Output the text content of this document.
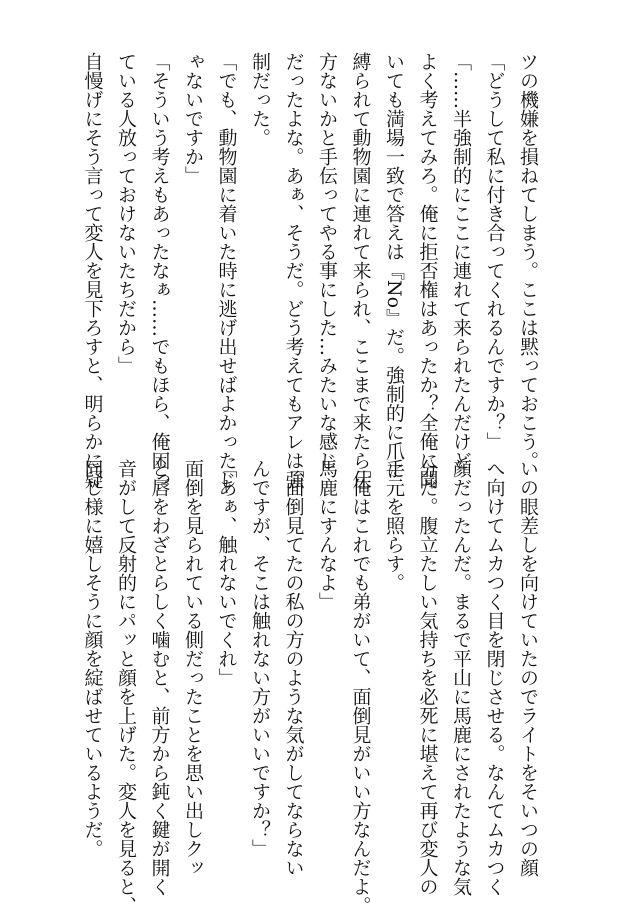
ツの機嫌を損ねてしまう。ここは黙っておこう。
「どうして私に付き合ってくれるんですか？」
「……半強制的にここに連れて来られたんだけど
よく考えてみろ。俺に拒否権はあったか？全俺に聞
いても満場一致で答えは『No』だ。強制的に爪に
縛られて動物園に連れて来られ、ここまで来たら仕
方ないかと手伝ってやる事にした…みたいな感じ
だったよな。あぁ、そうだ。どう考えてもアレは強
制だった。
「でも、動物園に着いた時に逃げ出せばよかったじ
ゃないですか」
「そういう考えもあったなぁ……でもほら、俺困っ
ている人放っておけないたちだから」
自慢げにそう言って変人を見下ろすと、明らかに疑
いの眼差しを向けていたのでライトをそいつの顔
へ向けてムカつく目を閉じさせる。なんてムカつく
顔だったんだ。まるで平山に馬鹿にされたような気
分だ。腹立たしい気持ちを必死に堪えて再び変人の
手元を照らす。
「俺はこれでも弟がいて、面倒見がいい方なんだよ。
馬鹿にすんなよ」
「面倒見てたの私の方のような気がしてならない
んですが、そこは触れない方がいいですか？」
「あぁ、触れないでくれ」
面倒を見られている側だったことを思い出しクッ
と唇をわざとらしく噛むと、前方から鈍く鍵が開く
音がして反射的にパッと顔を上げた。変人を見ると、
同じ様に嬉しそうに顔を綻ばせているようだ。
